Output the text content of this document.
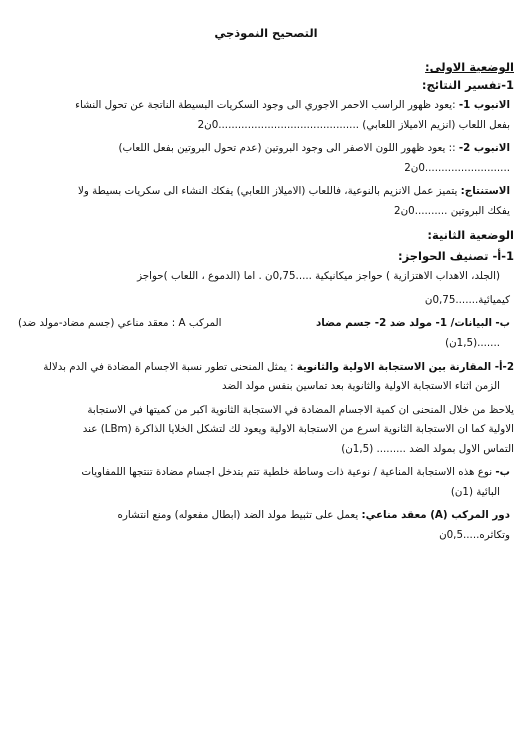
التصحيح النموذجي
الوضعية الاولى:
1-تفسير النتائج:
الانبوب 1- :يعود ظهور الراسب الاحمر الاجوري الى وجود السكريات البسيطة الناتجة عن تحول النشاء
بفعل اللعاب (انزيم الاميلاز اللعابي) ...........................................0ن2
الانبوب 2- :: يعود ظهور اللون الاصفر الى وجود البروتين (عدم تحول البروتين بفعل اللعاب)
..........................0ن2
الاستنتاج: يتميز عمل الانزيم بالنوعية، فاللعاب (الاميلاز اللعابي) يفكك النشاء الى سكريات بسيطة ولا
يفكك البروتين ..........0ن2
الوضعية الثانية:
1-أ- تصنيف الحواجز:
(الجلد، الاهداب الاهتزازية ) حواجز ميكانيكية .....0,75ن . اما (الدموع ، اللعاب )حواجز
كيميائية.......0,75ن
ب- البيانات/ 1- مولد ضد 2- جسم مضاد
المركب A : معقد مناعي (جسم مضاد-مولد ضد)
.......(1,5ن)
2-أ- المقارنة بين الاستجابة الاولية والثانوية : يمثل المنحنى تطور نسبة الاجسام المضادة في الدم بدلالة
الزمن اثناء الاستجابة الاولية والثانوية بعد تماسين بنفس مولد الضد
يلاحظ من خلال المنحنى ان كمية الاجسام المضادة في الاستجابة الثانوية اكبر من كميتها في الاستجابة
الاولية كما ان الاستجابة الثانوية اسرع من الاستجابة الاولية ويعود لك لتشكل الخلايا الذاكرة (LBm) عند
التماس الاول بمولد الضد ......... (1,5ن)
ب- نوع هذه الاستجابة المناعية / نوعية ذات وساطة خلطية تتم بتدخل اجسام مضادة تنتجها اللمفاويات
البائية (1ن)
دور المركب (A) معقد مناعي: يعمل على تثبيط مولد الضد (ابطال مفعوله) ومنع انتشاره
وتكاثره.....0,5ن
